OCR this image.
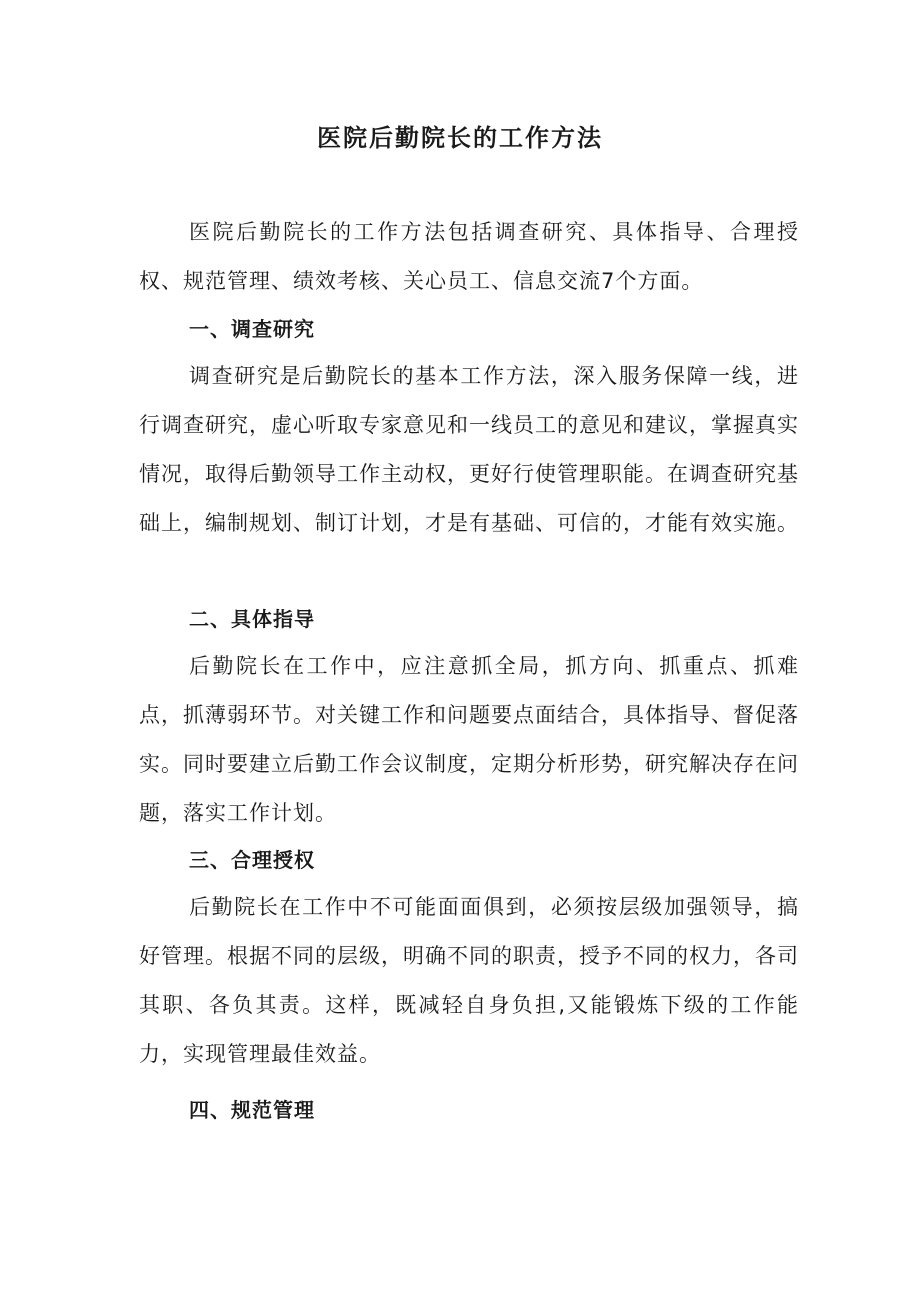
医院后勤院长的工作方法

医院后勤院长的工作方法包括调查研究、具体指导、合理授权、规范管理、绩效考核、关心员工、信息交流7个方面。

一、调查研究

调查研究是后勤院长的基本工作方法，深入服务保障一线，进行调查研究，虚心听取专家意见和一线员工的意见和建议，掌握真实情况，取得后勤领导工作主动权，更好行使管理职能。在调查研究基础上，编制规划、制订计划，才是有基础、可信的，才能有效实施。

二、具体指导

后勤院长在工作中，应注意抓全局，抓方向、抓重点、抓难点，抓薄弱环节。对关键工作和问题要点面结合，具体指导、督促落实。同时要建立后勤工作会议制度，定期分析形势，研究解决存在问题，落实工作计划。

三、合理授权

后勤院长在工作中不可能面面俱到，必须按层级加强领导，搞好管理。根据不同的层级，明确不同的职责，授予不同的权力，各司其职、各负其责。这样，既减轻自身负担,又能锻炼下级的工作能力，实现管理最佳效益。

四、规范管理
